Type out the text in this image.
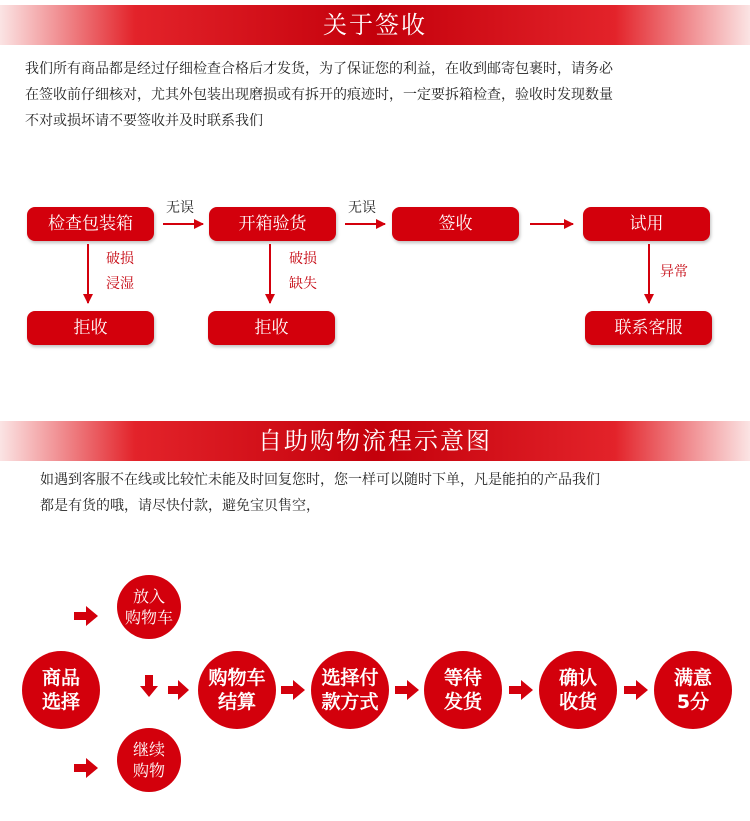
关于签收
我们所有商品都是经过仔细检查合格后才发货，为了保证您的利益，在收到邮寄包裹时，请务必
在签收前仔细核对，尤其外包装出现磨损或有拆开的痕迹时，一定要拆箱检查，验收时发现数量
不对或损坏请不要签收并及时联系我们
检查包装箱	开箱验货	签收	试用
拒收	拒收	联系客服
无误	无误
破损
浸湿
破损
缺失
异常
自助购物流程示意图
如遇到客服不在线或比较忙未能及时回复您时，您一样可以随时下单，凡是能拍的产品我们
都是有货的哦，请尽快付款，避免宝贝售空，
商品
选择
放入
购物车
继续
购物
购物车
结算
选择付
款方式
等待
发货
确认
收货
满意
5分
